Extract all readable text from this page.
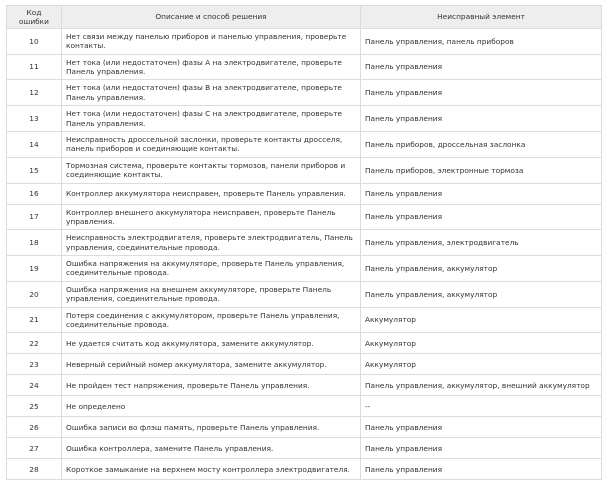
Код ошибки	Описание и способ решения	Неисправный элемент
10	Нет связи между панелью приборов и панелью управления, проверьте контакты.	Панель управления, панель приборов
11	Нет тока (или недостаточен) фазы A на электродвигателе, проверьте Панель управления.	Панель управления
12	Нет тока (или недостаточен) фазы B на электродвигателе, проверьте Панель управления.	Панель управления
13	Нет тока (или недостаточен) фазы C на электродвигателе, проверьте Панель управления.	Панель управления
14	Неисправность дроссельной заслонки, проверьте контакты дросселя, панель приборов и соединяющие контакты.	Панель приборов, дроссельная заслонка
15	Тормозная система, проверьте контакты тормозов, панели приборов и соединяющие контакты.	Панель приборов, электронные тормоза
16	Контроллер аккумулятора неисправен, проверьте Панель управления.	Панель управления
17	Контроллер внешнего аккумулятора неисправен, проверьте Панель управления.	Панель управления
18	Неисправность электродвигателя, проверьте электродвигатель, Панель управления, соединительные провода.	Панель управления, электродвигатель
19	Ошибка напряжения на аккумуляторе, проверьте Панель управления, соединительные провода.	Панель управления, аккумулятор
20	Ошибка напряжения на внешнем аккумуляторе, проверьте Панель управления, соединительные провода.	Панель управления, аккумулятор
21	Потеря соединения с аккумулятором, проверьте Панель управления, соединительные провода.	Аккумулятор
22	Не удается считать код аккумулятора, замените аккумулятор.	Аккумулятор
23	Неверный серийный номер аккумулятора, замените аккумулятор.	Аккумулятор
24	Не пройден тест напряжения, проверьте Панель управления.	Панель управления, аккумулятор, внешний аккумулятор
25	Не определено	--
26	Ошибка записи во флэш память, проверьте Панель управления.	Панель управления
27	Ошибка контроллера, замените Панель управления.	Панель управления
28	Короткое замыкание на верхнем мосту контроллера электродвигателя.	Панель управления
